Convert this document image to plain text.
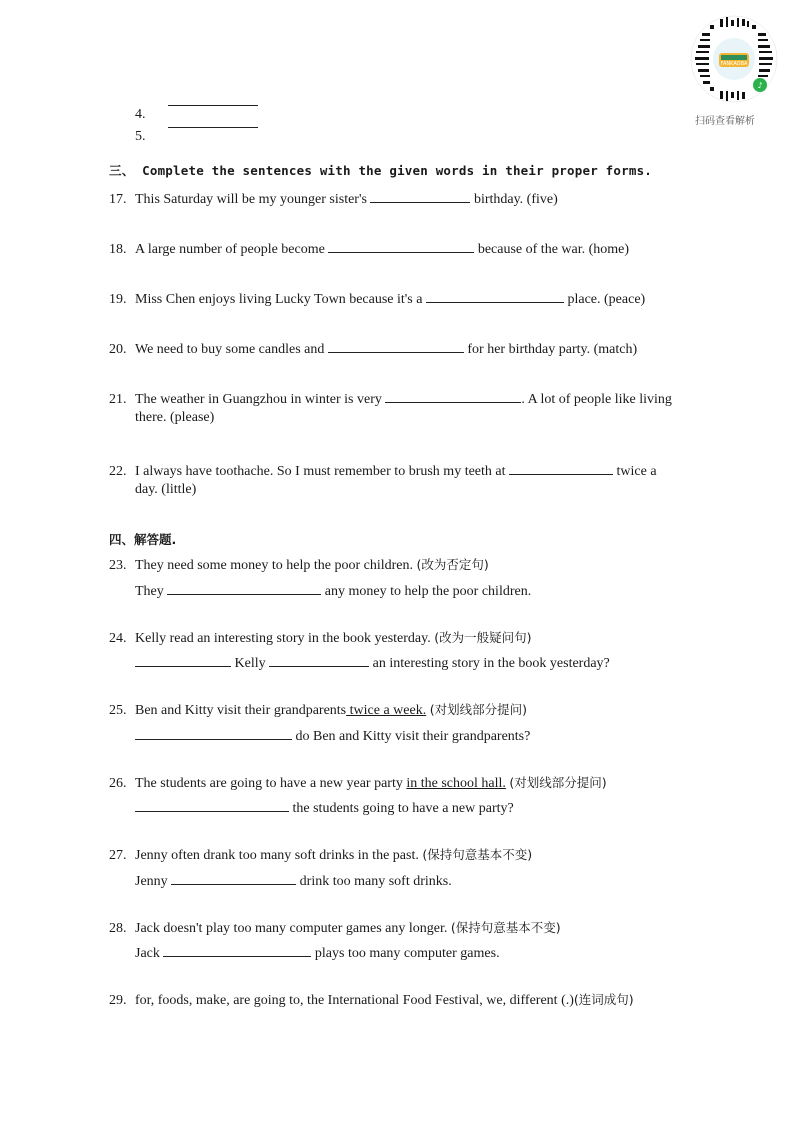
FANKAOBA
♪
扫码查看解析
4.
5.
三、 Complete the sentences with the given words in their proper forms.
17. This Saturday will be my younger sister's	birthday. (five)
18. A large number of people become	because of the war. (home)
19. Miss Chen enjoys living Lucky Town because it's a	place. (peace)
20. We need to buy some candles and	for her birthday party. (match)
21. The weather in Guangzhou in winter is very	. A lot of people like living
there. (please)
22. I always have toothache. So I must remember to brush my teeth at	twice a
day. (little)
四、解答题.
23. They need some money to help the poor children. (改为否定句)
They	any money to help the poor children.
24. Kelly read an interesting story in the book yesterday. (改为一般疑问句)
Kelly	an interesting story in the book yesterday?
25. Ben and Kitty visit their grandparents twice a week. (对划线部分提问)
do Ben and Kitty visit their grandparents?
26. The students are going to have a new year party in the school hall. (对划线部分提问)
the students going to have a new party?
27. Jenny often drank too many soft drinks in the past. (保持句意基本不变)
Jenny	drink too many soft drinks.
28. Jack doesn't play too many computer games any longer. (保持句意基本不变)
Jack	plays too many computer games.
29. for, foods, make, are going to, the International Food Festival, we, different (.)(连词成句)
